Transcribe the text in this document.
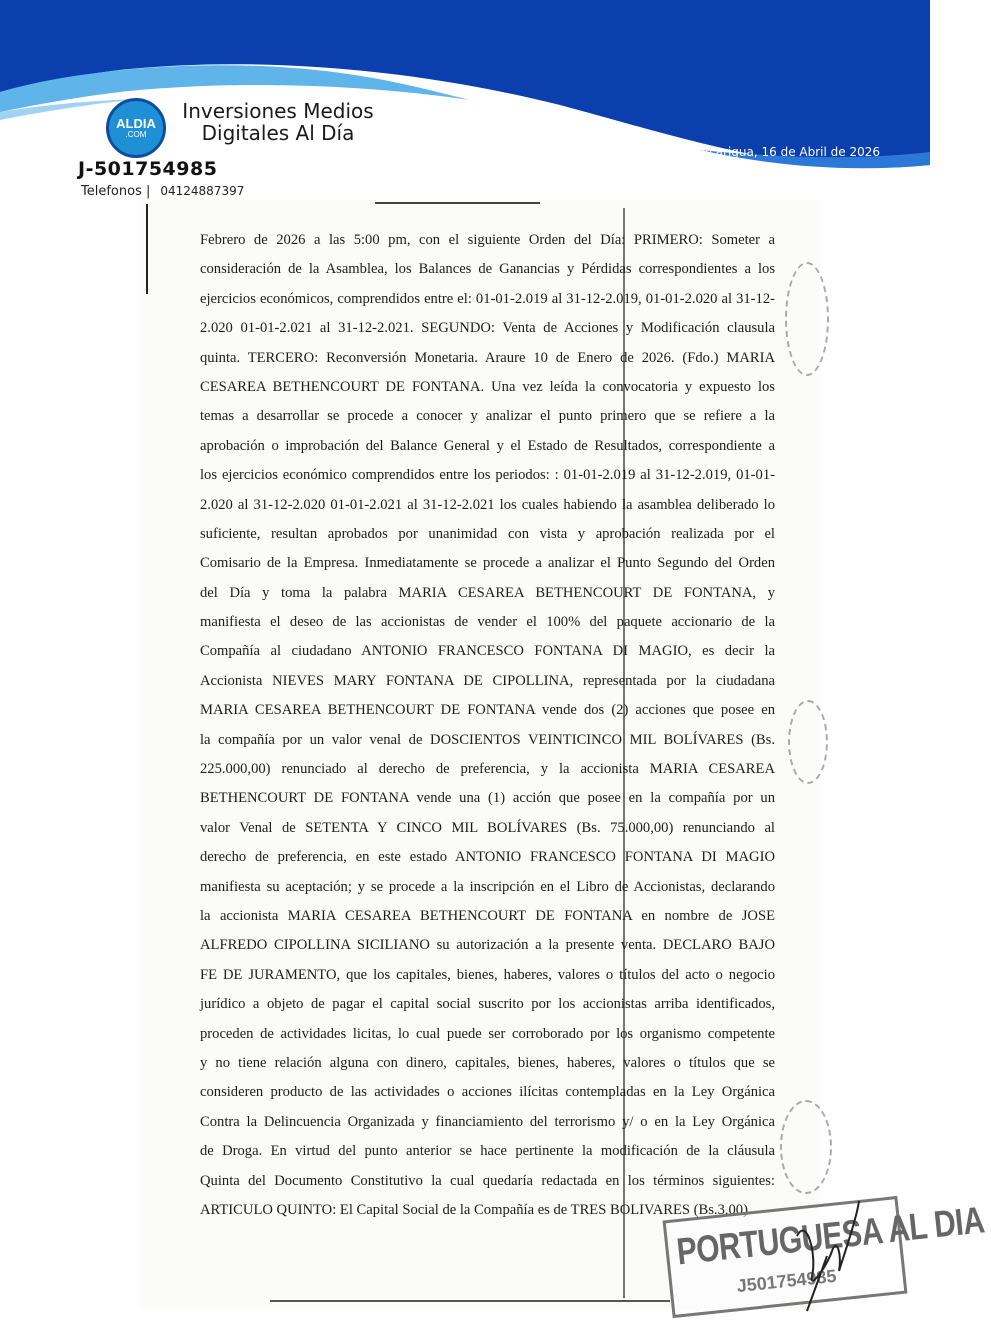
ALDIA
.COM
Inversiones Medios
Digitales Al Día
Acarigua, 16 de Abril de 2026
J-501754985
Telefonos | 04124887397
Febrero de 2026 a las 5:00 pm, con el siguiente Orden del Día: PRIMERO: Someter a
consideración de la Asamblea, los Balances de Ganancias y Pérdidas correspondientes a los
ejercicios económicos, comprendidos entre el: 01-01-2.019 al 31-12-2.019, 01-01-2.020 al 31-12-
2.020 01-01-2.021 al 31-12-2.021. SEGUNDO: Venta de Acciones y Modificación clausula
quinta. TERCERO: Reconversión Monetaria. Araure 10 de Enero de 2026. (Fdo.) MARIA
CESAREA BETHENCOURT DE FONTANA. Una vez leída la convocatoria y expuesto los
temas a desarrollar se procede a conocer y analizar el punto primero que se refiere a la
aprobación o improbación del Balance General y el Estado de Resultados, correspondiente a
los ejercicios económico comprendidos entre los periodos: : 01-01-2.019 al 31-12-2.019, 01-01-
2.020 al 31-12-2.020 01-01-2.021 al 31-12-2.021 los cuales habiendo la asamblea deliberado lo
suficiente, resultan aprobados por unanimidad con vista y aprobación realizada por el
Comisario de la Empresa. Inmediatamente se procede a analizar el Punto Segundo del Orden
del Día y toma la palabra MARIA CESAREA BETHENCOURT DE FONTANA, y
manifiesta el deseo de las accionistas de vender el 100% del paquete accionario de la
Compañía al ciudadano ANTONIO FRANCESCO FONTANA DI MAGIO, es decir la
Accionista NIEVES MARY FONTANA DE CIPOLLINA, representada por la ciudadana
MARIA CESAREA BETHENCOURT DE FONTANA vende dos (2) acciones que posee en
la compañía por un valor venal de DOSCIENTOS VEINTICINCO MIL BOLÍVARES (Bs.
225.000,00) renunciado al derecho de preferencia, y la accionista MARIA CESAREA
BETHENCOURT DE FONTANA vende una (1) acción que posee en la compañía por un
valor Venal de SETENTA Y CINCO MIL BOLÍVARES (Bs. 75.000,00) renunciando al
derecho de preferencia, en este estado ANTONIO FRANCESCO FONTANA DI MAGIO
manifiesta su aceptación; y se procede a la inscripción en el Libro de Accionistas, declarando
la accionista MARIA CESAREA BETHENCOURT DE FONTANA en nombre de JOSE
ALFREDO CIPOLLINA SICILIANO su autorización a la presente venta. DECLARO BAJO
FE DE JURAMENTO, que los capitales, bienes, haberes, valores o títulos del acto o negocio
jurídico a objeto de pagar el capital social suscrito por los accionistas arriba identificados,
proceden de actividades licitas, lo cual puede ser corroborado por los organismo competente
y no tiene relación alguna con dinero, capitales, bienes, haberes, valores o títulos que se
consideren producto de las actividades o acciones ilícitas contempladas en la Ley Orgánica
Contra la Delincuencia Organizada y financiamiento del terrorismo y/ o en la Ley Orgánica
de Droga. En virtud del punto anterior se hace pertinente la modificación de la cláusula
Quinta del Documento Constitutivo la cual quedaría redactada en los términos siguientes:
ARTICULO QUINTO: El Capital Social de la Compañía es de TRES BOLIVARES (Bs.3,00)
PORTUGUESA AL DIA
J501754985
